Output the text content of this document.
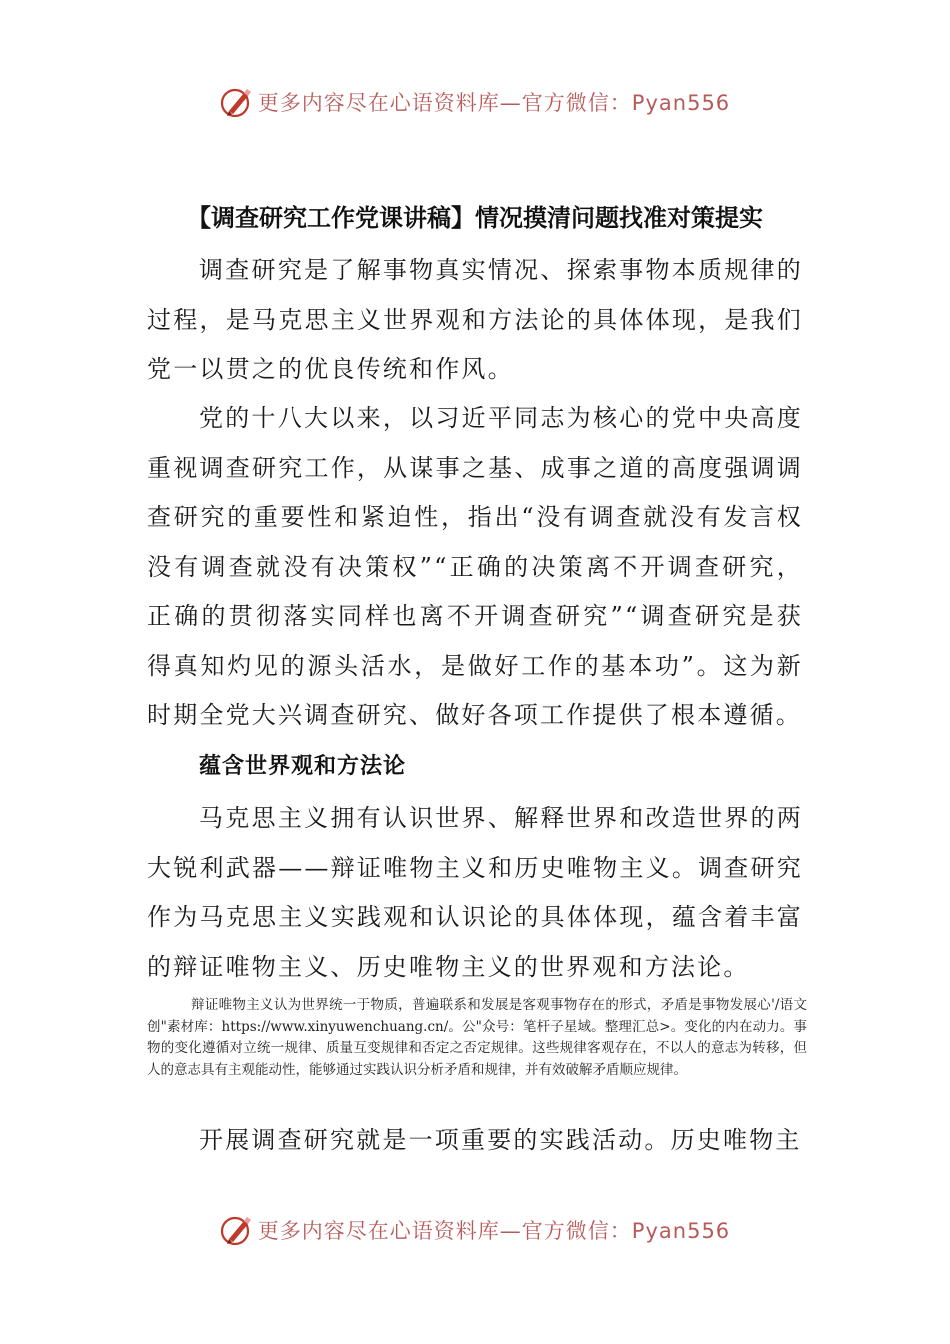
更多内容尽在心语资料库—官方微信：Pyan556
【调查研究工作党课讲稿】情况摸清问题找准对策提实

调查研究是了解事物真实情况、探索事物本质规律的过程，是马克思主义世界观和方法论的具体体现，是我们党一以贯之的优良传统和作风。

党的十八大以来，以习近平同志为核心的党中央高度重视调查研究工作，从谋事之基、成事之道的高度强调调查研究的重要性和紧迫性，指出“没有调查就没有发言权没有调查就没有决策权”“正确的决策离不开调查研究，正确的贯彻落实同样也离不开调查研究”“调查研究是获得真知灼见的源头活水，是做好工作的基本功”。这为新时期全党大兴调查研究、做好各项工作提供了根本遵循。

蕴含世界观和方法论

马克思主义拥有认识世界、解释世界和改造世界的两大锐利武器——辩证唯物主义和历史唯物主义。调查研究作为马克思主义实践观和认识论的具体体现，蕴含着丰富的辩证唯物主义、历史唯物主义的世界观和方法论。

辩证唯物主义认为世界统一于物质，普遍联系和发展是客观事物存在的形式，矛盾是事物发展心'/语文创"素材库：https://www.xinyuwenchuang.cn/。公"众号：笔杆子星域。整理汇总>。变化的内在动力。事物的变化遵循对立统一规律、质量互变规律和否定之否定规律。这些规律客观存在，不以人的意志为转移，但人的意志具有主观能动性，能够通过实践认识分析矛盾和规律，并有效破解矛盾顺应规律。

开展调查研究就是一项重要的实践活动。历史唯物主

更多内容尽在心语资料库—官方微信：Pyan556
